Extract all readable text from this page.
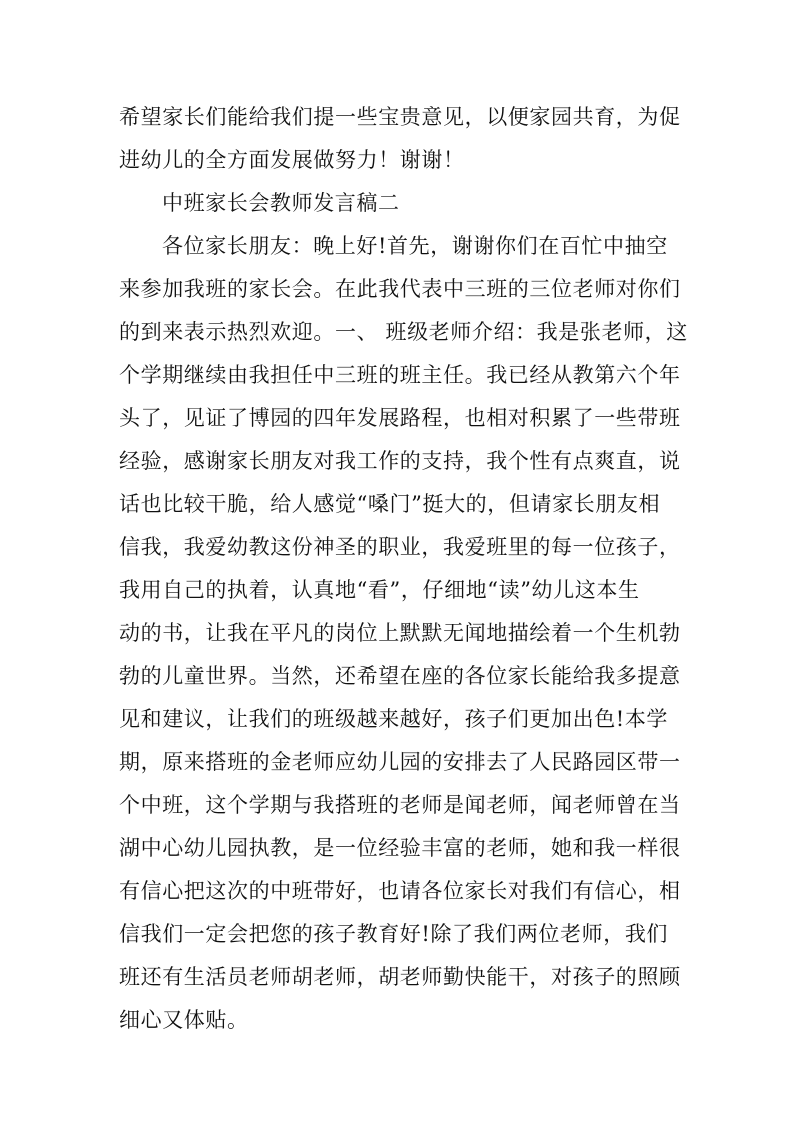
希望家长们能给我们提一些宝贵意见，以便家园共育，为促
进幼儿的全方面发展做努力！谢谢！
中班家长会教师发言稿二
各位家长朋友：晚上好!首先，谢谢你们在百忙中抽空
来参加我班的家长会。在此我代表中三班的三位老师对你们
的到来表示热烈欢迎。一、 班级老师介绍：我是张老师，这
个学期继续由我担任中三班的班主任。我已经从教第六个年
头了，见证了博园的四年发展路程，也相对积累了一些带班
经验，感谢家长朋友对我工作的支持，我个性有点爽直，说
话也比较干脆，给人感觉“嗓门”挺大的，但请家长朋友相
信我，我爱幼教这份神圣的职业，我爱班里的每一位孩子，
我用自己的执着，认真地“看”，仔细地“读”幼儿这本生
动的书，让我在平凡的岗位上默默无闻地描绘着一个生机勃
勃的儿童世界。当然，还希望在座的各位家长能给我多提意
见和建议，让我们的班级越来越好，孩子们更加出色!本学
期，原来搭班的金老师应幼儿园的安排去了人民路园区带一
个中班，这个学期与我搭班的老师是闻老师，闻老师曾在当
湖中心幼儿园执教，是一位经验丰富的老师，她和我一样很
有信心把这次的中班带好，也请各位家长对我们有信心，相
信我们一定会把您的孩子教育好!除了我们两位老师，我们
班还有生活员老师胡老师，胡老师勤快能干，对孩子的照顾
细心又体贴。
